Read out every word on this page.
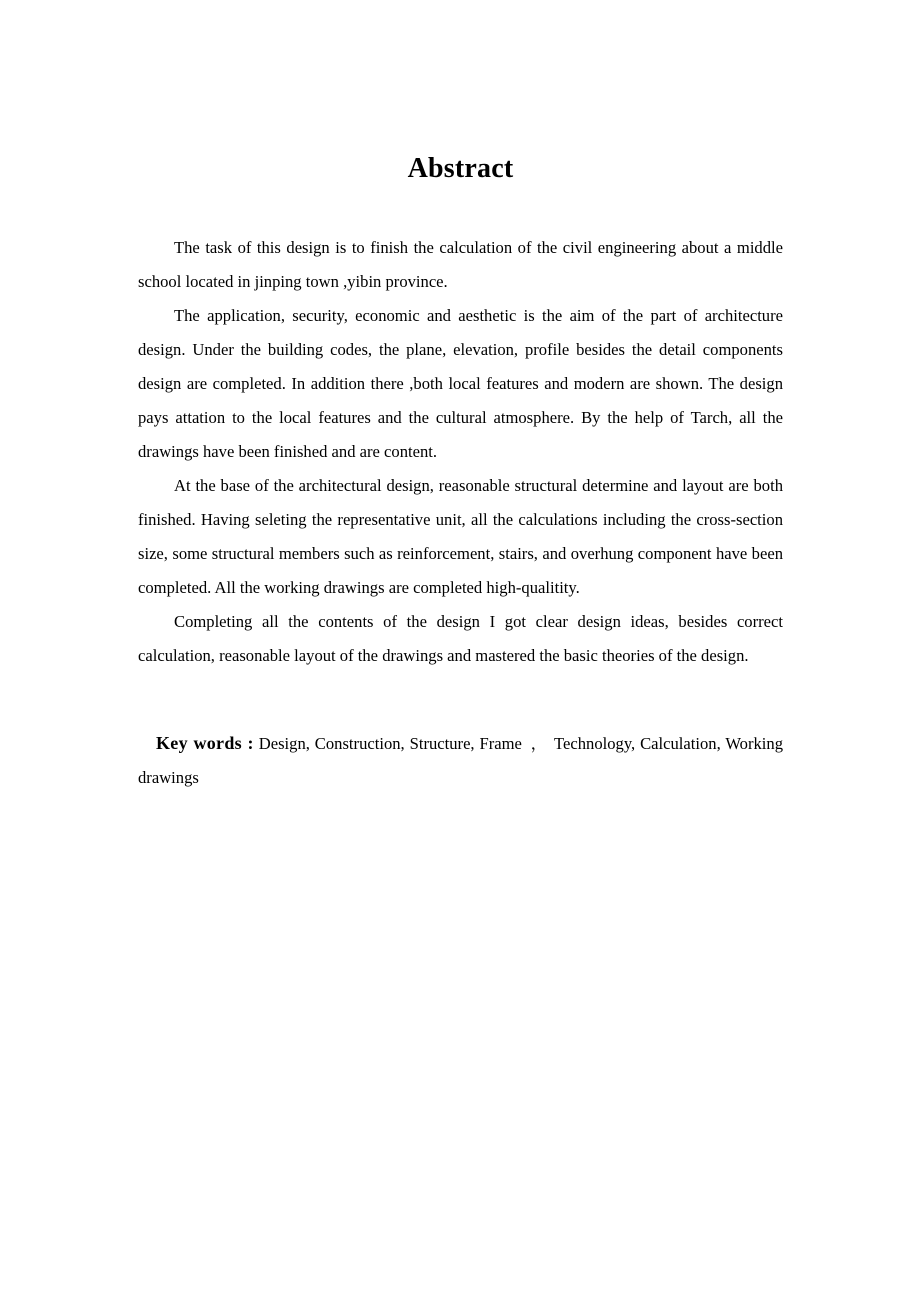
Abstract

The task of this design is to finish the calculation of the civil engineering about a middle school located in jinping town ,yibin province.

The application, security, economic and aesthetic is the aim of the part of architecture design. Under the building codes, the plane, elevation, profile besides the detail components design are completed. In addition there ,both local features and modern are shown. The design pays attation to the local features and the cultural atmosphere. By the help of Tarch, all the drawings have been finished and are content.

At the base of the architectural design, reasonable structural determine and layout are both finished. Having seleting the representative unit, all the calculations including the cross-section size, some structural members such as reinforcement, stairs, and overhung component have been completed. All the working drawings are completed high-qualitity.

Completing all the contents of the design I got clear design ideas, besides correct calculation, reasonable layout of the drawings and mastered the basic theories of the design.

Key words : Design, Construction, Structure, Frame ， Technology, Calculation, Working drawings
